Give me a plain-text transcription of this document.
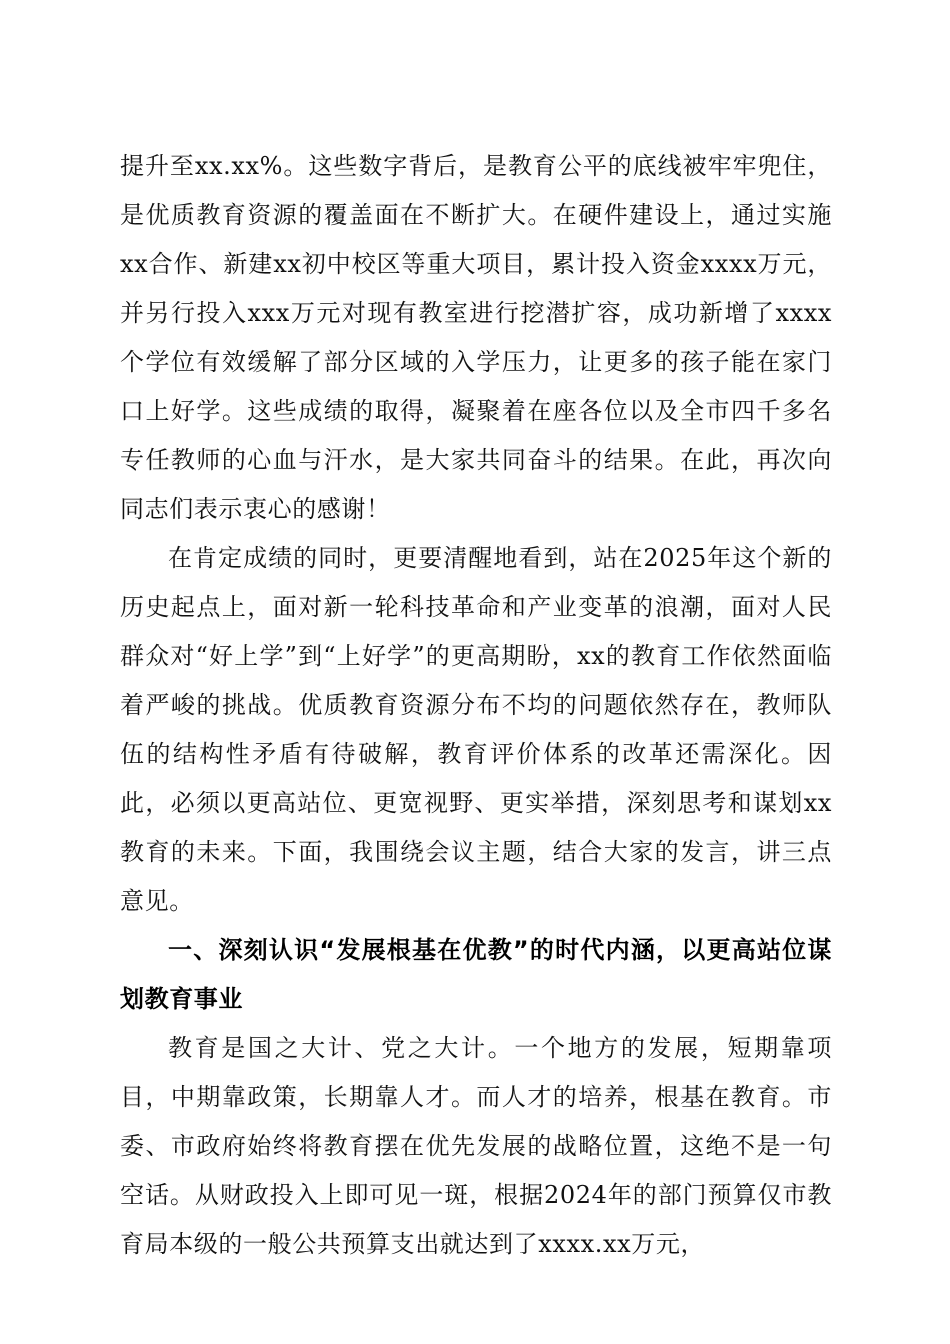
提升至xx.xx%。这些数字背后，是教育公平的底线被牢牢兜住，是优质教育资源的覆盖面在不断扩大。在硬件建设上，通过实施xx合作、新建xx初中校区等重大项目，累计投入资金xxxx万元，并另行投入xxx万元对现有教室进行挖潜扩容，成功新增了xxxx个学位有效缓解了部分区域的入学压力，让更多的孩子能在家门口上好学。这些成绩的取得，凝聚着在座各位以及全市四千多名专任教师的心血与汗水，是大家共同奋斗的结果。在此，再次向同志们表示衷心的感谢！

在肯定成绩的同时，更要清醒地看到，站在2025年这个新的历史起点上，面对新一轮科技革命和产业变革的浪潮，面对人民群众对“好上学”到“上好学”的更高期盼，xx的教育工作依然面临着严峻的挑战。优质教育资源分布不均的问题依然存在，教师队伍的结构性矛盾有待破解，教育评价体系的改革还需深化。因此，必须以更高站位、更宽视野、更实举措，深刻思考和谋划xx教育的未来。下面，我围绕会议主题，结合大家的发言，讲三点意见。

一、深刻认识“发展根基在优教”的时代内涵，以更高站位谋划教育事业

教育是国之大计、党之大计。一个地方的发展，短期靠项目，中期靠政策，长期靠人才。而人才的培养，根基在教育。市委、市政府始终将教育摆在优先发展的战略位置，这绝不是一句空话。从财政投入上即可见一斑，根据2024年的部门预算仅市教育局本级的一般公共预算支出就达到了xxxx.xx万元，
